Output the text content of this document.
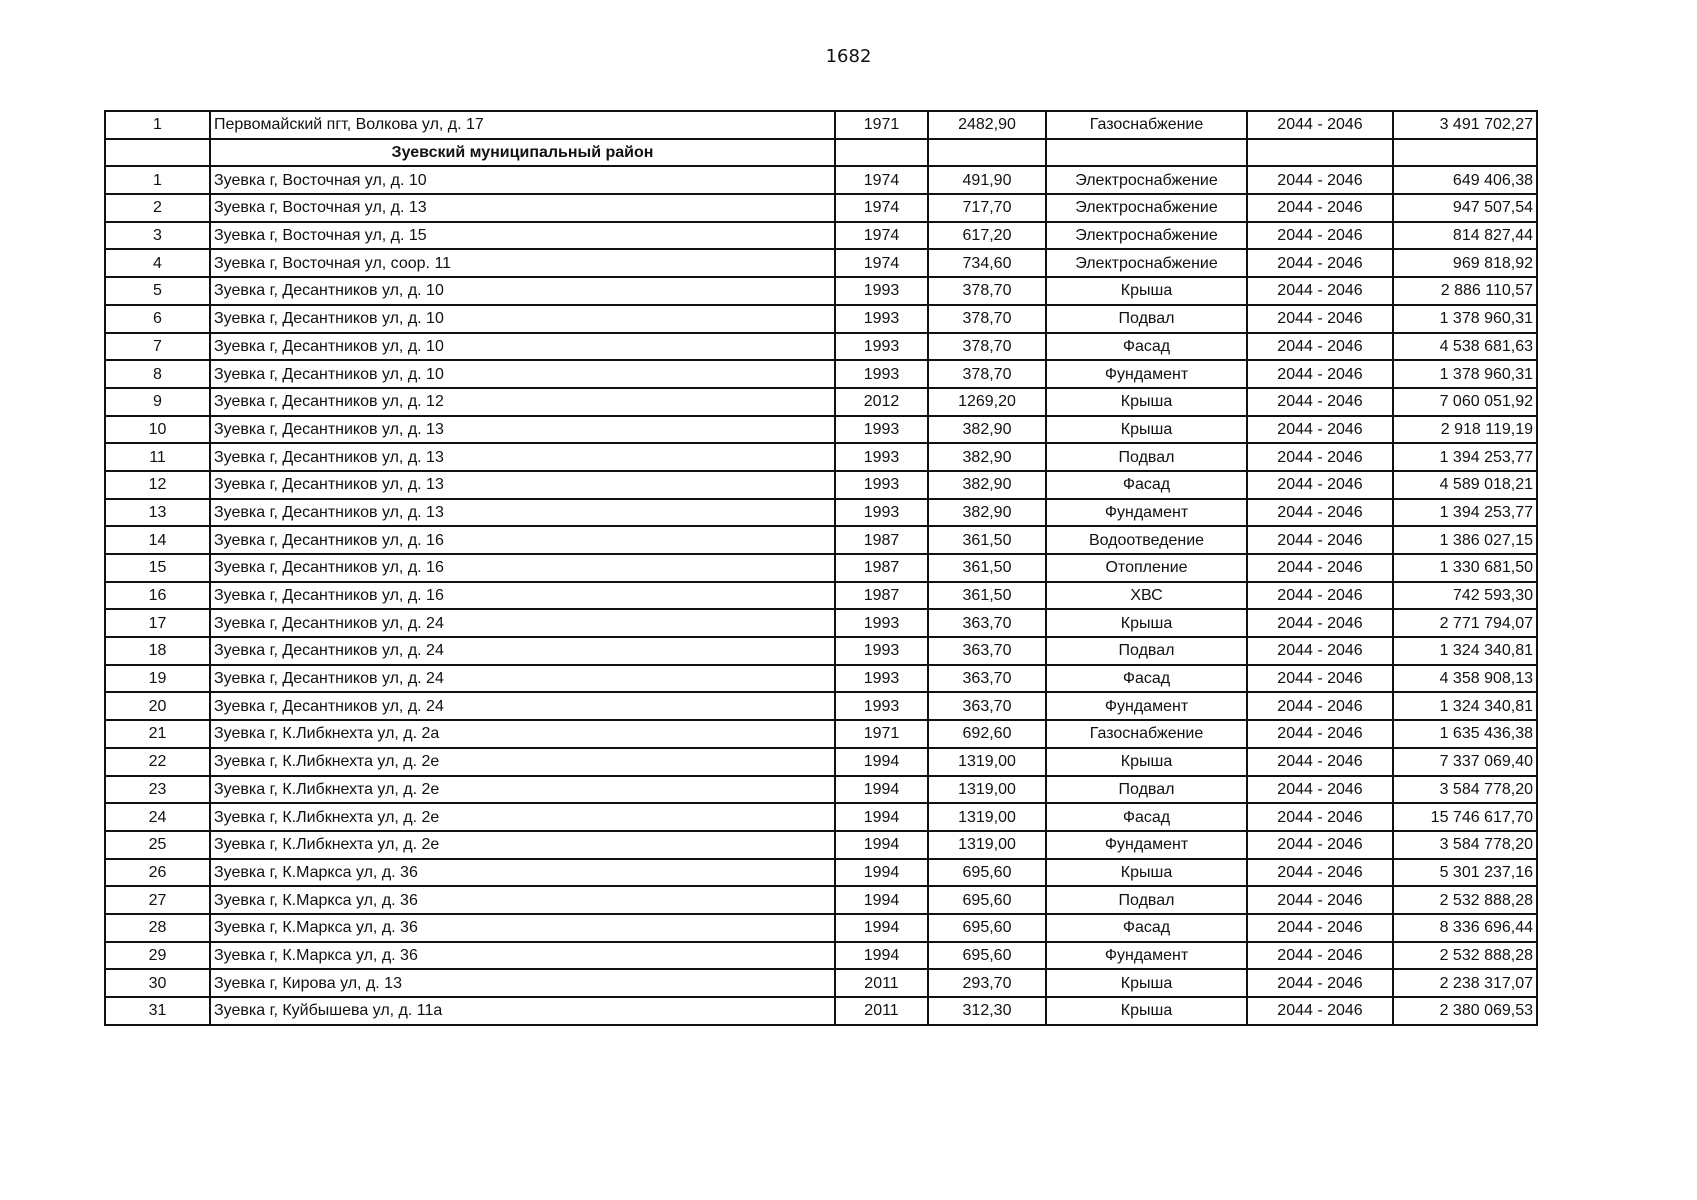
1682
1	Первомайский пгт, Волкова ул, д. 17	1971	2482,90	Газоснабжение	2044 - 2046	3 491 702,27
	Зуевский муниципальный район					
1	Зуевка г, Восточная ул, д. 10	1974	491,90	Электроснабжение	2044 - 2046	649 406,38
2	Зуевка г, Восточная ул, д. 13	1974	717,70	Электроснабжение	2044 - 2046	947 507,54
3	Зуевка г, Восточная ул, д. 15	1974	617,20	Электроснабжение	2044 - 2046	814 827,44
4	Зуевка г, Восточная ул, соор. 11	1974	734,60	Электроснабжение	2044 - 2046	969 818,92
5	Зуевка г, Десантников ул, д. 10	1993	378,70	Крыша	2044 - 2046	2 886 110,57
6	Зуевка г, Десантников ул, д. 10	1993	378,70	Подвал	2044 - 2046	1 378 960,31
7	Зуевка г, Десантников ул, д. 10	1993	378,70	Фасад	2044 - 2046	4 538 681,63
8	Зуевка г, Десантников ул, д. 10	1993	378,70	Фундамент	2044 - 2046	1 378 960,31
9	Зуевка г, Десантников ул, д. 12	2012	1269,20	Крыша	2044 - 2046	7 060 051,92
10	Зуевка г, Десантников ул, д. 13	1993	382,90	Крыша	2044 - 2046	2 918 119,19
11	Зуевка г, Десантников ул, д. 13	1993	382,90	Подвал	2044 - 2046	1 394 253,77
12	Зуевка г, Десантников ул, д. 13	1993	382,90	Фасад	2044 - 2046	4 589 018,21
13	Зуевка г, Десантников ул, д. 13	1993	382,90	Фундамент	2044 - 2046	1 394 253,77
14	Зуевка г, Десантников ул, д. 16	1987	361,50	Водоотведение	2044 - 2046	1 386 027,15
15	Зуевка г, Десантников ул, д. 16	1987	361,50	Отопление	2044 - 2046	1 330 681,50
16	Зуевка г, Десантников ул, д. 16	1987	361,50	ХВС	2044 - 2046	742 593,30
17	Зуевка г, Десантников ул, д. 24	1993	363,70	Крыша	2044 - 2046	2 771 794,07
18	Зуевка г, Десантников ул, д. 24	1993	363,70	Подвал	2044 - 2046	1 324 340,81
19	Зуевка г, Десантников ул, д. 24	1993	363,70	Фасад	2044 - 2046	4 358 908,13
20	Зуевка г, Десантников ул, д. 24	1993	363,70	Фундамент	2044 - 2046	1 324 340,81
21	Зуевка г, К.Либкнехта ул, д. 2а	1971	692,60	Газоснабжение	2044 - 2046	1 635 436,38
22	Зуевка г, К.Либкнехта ул, д. 2е	1994	1319,00	Крыша	2044 - 2046	7 337 069,40
23	Зуевка г, К.Либкнехта ул, д. 2е	1994	1319,00	Подвал	2044 - 2046	3 584 778,20
24	Зуевка г, К.Либкнехта ул, д. 2е	1994	1319,00	Фасад	2044 - 2046	15 746 617,70
25	Зуевка г, К.Либкнехта ул, д. 2е	1994	1319,00	Фундамент	2044 - 2046	3 584 778,20
26	Зуевка г, К.Маркса ул, д. 36	1994	695,60	Крыша	2044 - 2046	5 301 237,16
27	Зуевка г, К.Маркса ул, д. 36	1994	695,60	Подвал	2044 - 2046	2 532 888,28
28	Зуевка г, К.Маркса ул, д. 36	1994	695,60	Фасад	2044 - 2046	8 336 696,44
29	Зуевка г, К.Маркса ул, д. 36	1994	695,60	Фундамент	2044 - 2046	2 532 888,28
30	Зуевка г, Кирова ул, д. 13	2011	293,70	Крыша	2044 - 2046	2 238 317,07
31	Зуевка г, Куйбышева ул, д. 11а	2011	312,30	Крыша	2044 - 2046	2 380 069,53
